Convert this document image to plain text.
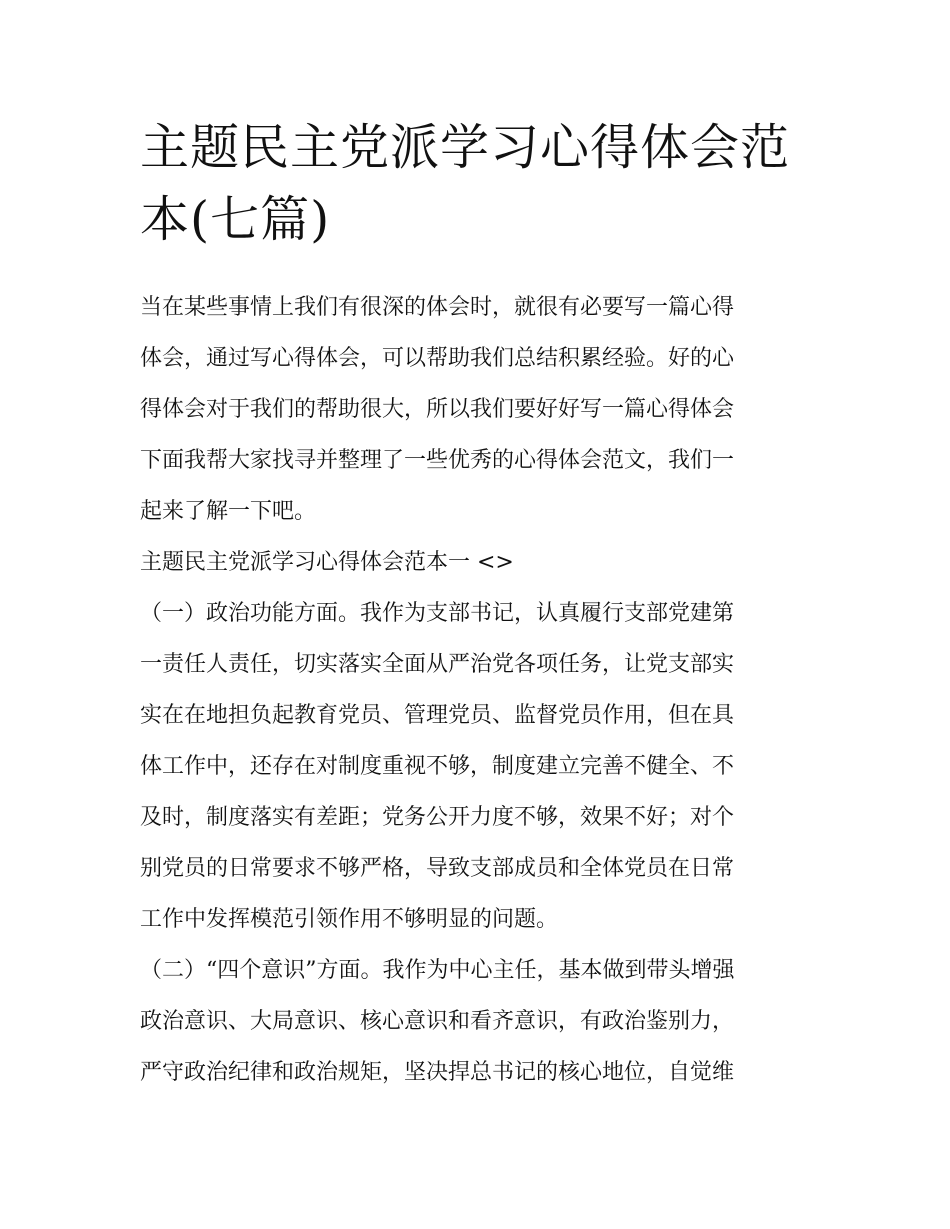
主题民主党派学习心得体会范
本(七篇)
当在某些事情上我们有很深的体会时，就很有必要写一篇心得
体会，通过写心得体会，可以帮助我们总结积累经验。好的心
得体会对于我们的帮助很大，所以我们要好好写一篇心得体会
下面我帮大家找寻并整理了一些优秀的心得体会范文，我们一
起来了解一下吧。
主题民主党派学习心得体会范本一 <>
（一）政治功能方面。我作为支部书记，认真履行支部党建第
一责任人责任，切实落实全面从严治党各项任务，让党支部实
实在在地担负起教育党员、管理党员、监督党员作用，但在具
体工作中，还存在对制度重视不够，制度建立完善不健全、不
及时，制度落实有差距；党务公开力度不够，效果不好；对个
别党员的日常要求不够严格，导致支部成员和全体党员在日常
工作中发挥模范引领作用不够明显的问题。
（二）“四个意识”方面。我作为中心主任，基本做到带头增强
政治意识、大局意识、核心意识和看齐意识，有政治鉴别力，
严守政治纪律和政治规矩，坚决捍总书记的核心地位，自觉维
